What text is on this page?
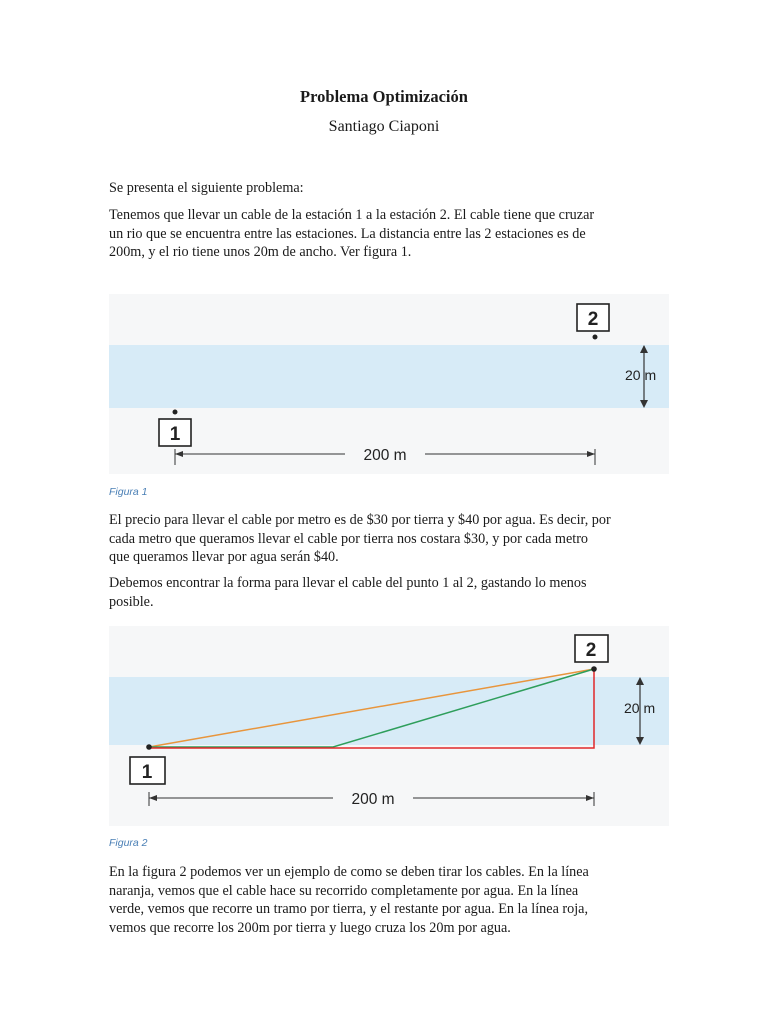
Problema Optimización
Santiago Ciaponi
Se presenta el siguiente problema:
Tenemos que llevar un cable de la estación 1 a la estación 2. El cable tiene que cruzar
un rio que se encuentra entre las estaciones. La distancia entre las 2 estaciones es de
200m, y el rio tiene unos 20m de ancho. Ver figura 1.
2
20 m
1
200 m
Figura 1
El precio para llevar el cable por metro es de $30 por tierra y $40 por agua. Es decir, por
cada metro que queramos llevar el cable por tierra nos costara $30, y por cada metro
que queramos llevar por agua serán $40.
Debemos encontrar la forma para llevar el cable del punto 1 al 2, gastando lo menos
posible.
2
20 m
1
200 m
Figura 2
En la figura 2 podemos ver un ejemplo de como se deben tirar los cables. En la línea
naranja, vemos que el cable hace su recorrido completamente por agua. En la línea
verde, vemos que recorre un tramo por tierra, y el restante por agua. En la línea roja,
vemos que recorre los 200m por tierra y luego cruza los 20m por agua.
